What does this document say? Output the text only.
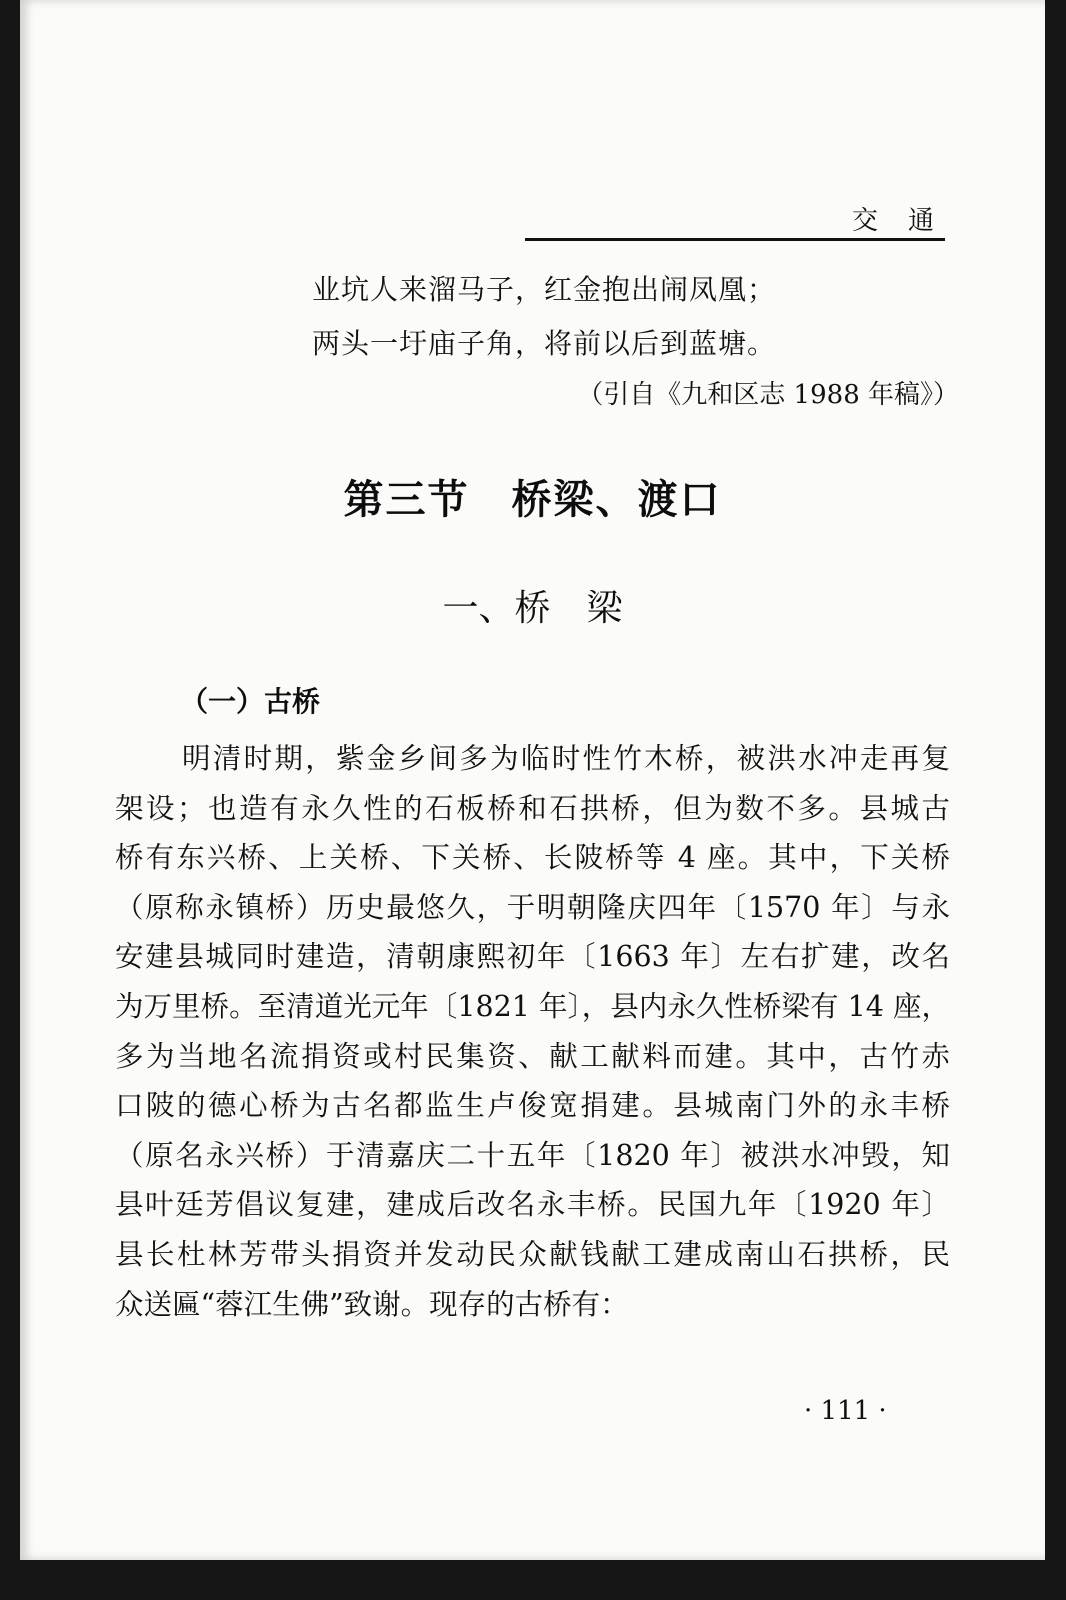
交通
业坑人来溜马子，红金抱出闹凤凰；
两头一圩庙子角，将前以后到蓝塘。
（引自《九和区志 1988 年稿》）
第三节　桥梁、渡口
一、桥　梁
（一）古桥
明清时期，紫金乡间多为临时性竹木桥，被洪水冲走再复
架设；也造有永久性的石板桥和石拱桥，但为数不多。县城古
桥有东兴桥、上关桥、下关桥、长陂桥等 4 座。其中，下关桥
（原称永镇桥）历史最悠久，于明朝隆庆四年〔1570 年〕与永
安建县城同时建造，清朝康熙初年〔1663 年〕左右扩建，改名
为万里桥。至清道光元年〔1821 年〕，县内永久性桥梁有 14 座，
多为当地名流捐资或村民集资、献工献料而建。其中，古竹赤
口陂的德心桥为古名都监生卢俊宽捐建。县城南门外的永丰桥
（原名永兴桥）于清嘉庆二十五年〔1820 年〕被洪水冲毁，知
县叶廷芳倡议复建，建成后改名永丰桥。民国九年〔1920 年〕
县长杜林芳带头捐资并发动民众献钱献工建成南山石拱桥，民
众送匾“蓉江生佛”致谢。现存的古桥有：
· 111 ·
